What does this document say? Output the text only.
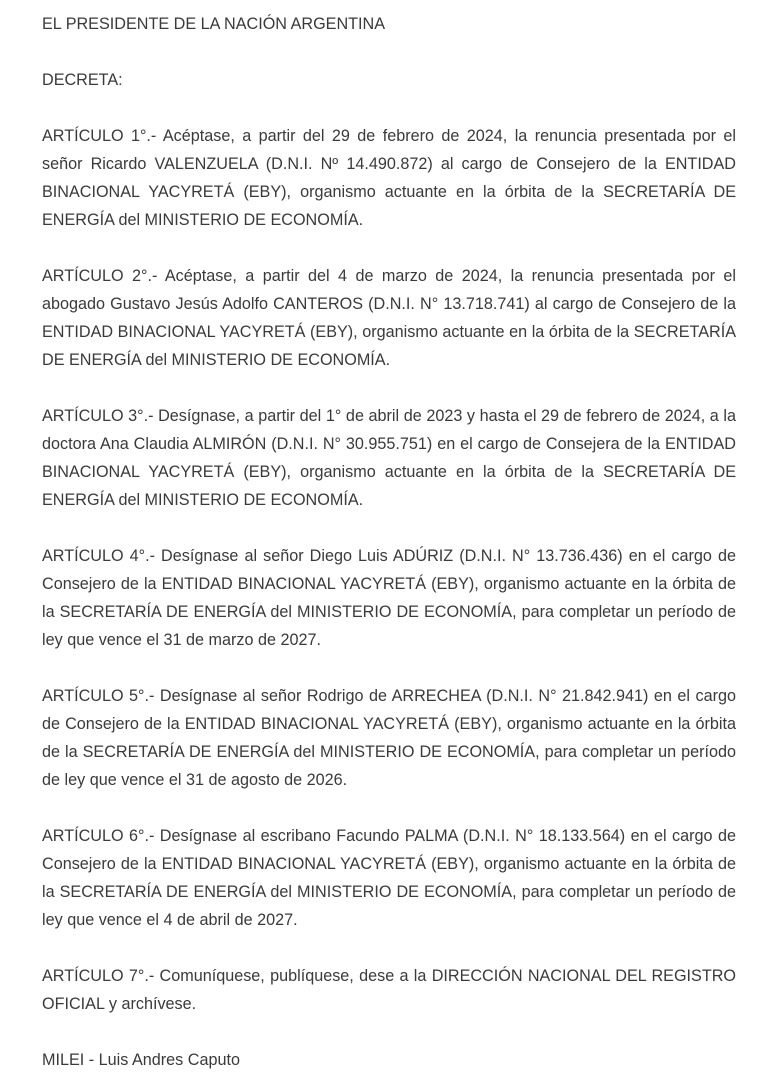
EL PRESIDENTE DE LA NACIÓN ARGENTINA

DECRETA:

ARTÍCULO 1°.- Acéptase, a partir del 29 de febrero de 2024, la renuncia presentada por el señor Ricardo VALENZUELA (D.N.I. Nº 14.490.872) al cargo de Consejero de la ENTIDAD BINACIONAL YACYRETÁ (EBY), organismo actuante en la órbita de la SECRETARÍA DE ENERGÍA del MINISTERIO DE ECONOMÍA.

ARTÍCULO 2°.- Acéptase, a partir del 4 de marzo de 2024, la renuncia presentada por el abogado Gustavo Jesús Adolfo CANTEROS (D.N.I. N° 13.718.741) al cargo de Consejero de la ENTIDAD BINACIONAL YACYRETÁ (EBY), organismo actuante en la órbita de la SECRETARÍA DE ENERGÍA del MINISTERIO DE ECONOMÍA.

ARTÍCULO 3°.- Desígnase, a partir del 1° de abril de 2023 y hasta el 29 de febrero de 2024, a la doctora Ana Claudia ALMIRÓN (D.N.I. N° 30.955.751) en el cargo de Consejera de la ENTIDAD BINACIONAL YACYRETÁ (EBY), organismo actuante en la órbita de la SECRETARÍA DE ENERGÍA del MINISTERIO DE ECONOMÍA.

ARTÍCULO 4°.- Desígnase al señor Diego Luis ADÚRIZ (D.N.I. N° 13.736.436) en el cargo de Consejero de la ENTIDAD BINACIONAL YACYRETÁ (EBY), organismo actuante en la órbita de la SECRETARÍA DE ENERGÍA del MINISTERIO DE ECONOMÍA, para completar un período de ley que vence el 31 de marzo de 2027.

ARTÍCULO 5°.- Desígnase al señor Rodrigo de ARRECHEA (D.N.I. N° 21.842.941) en el cargo de Consejero de la ENTIDAD BINACIONAL YACYRETÁ (EBY), organismo actuante en la órbita de la SECRETARÍA DE ENERGÍA del MINISTERIO DE ECONOMÍA, para completar un período de ley que vence el 31 de agosto de 2026.

ARTÍCULO 6°.- Desígnase al escribano Facundo PALMA (D.N.I. N° 18.133.564) en el cargo de Consejero de la ENTIDAD BINACIONAL YACYRETÁ (EBY), organismo actuante en la órbita de la SECRETARÍA DE ENERGÍA del MINISTERIO DE ECONOMÍA, para completar un período de ley que vence el 4 de abril de 2027.

ARTÍCULO 7°.- Comuníquese, publíquese, dese a la DIRECCIÓN NACIONAL DEL REGISTRO OFICIAL y archívese.

MILEI - Luis Andres Caputo
